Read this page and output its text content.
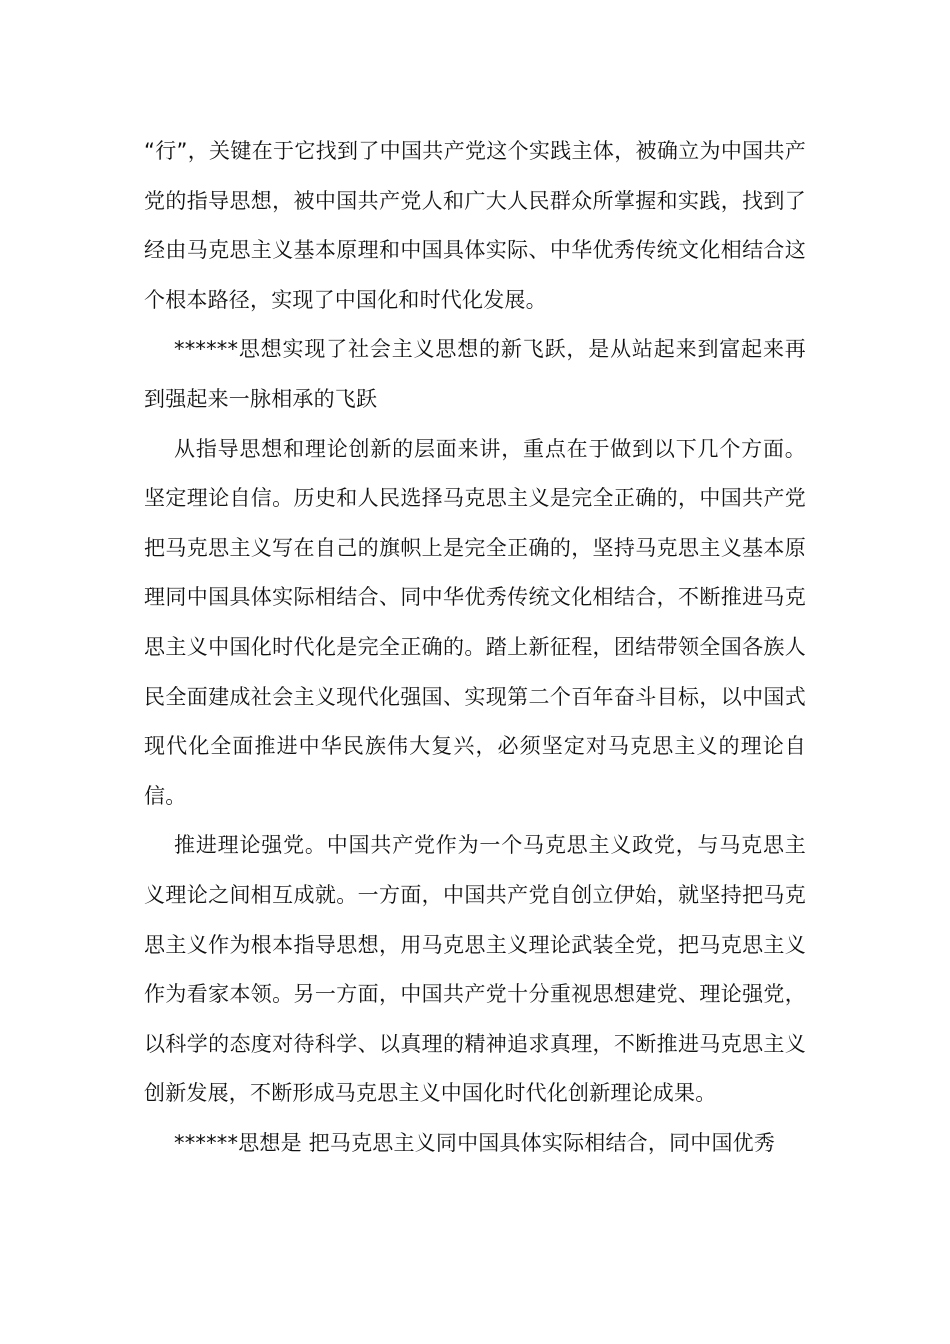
“行”，关键在于它找到了中国共产党这个实践主体，被确立为中国共产党的指导思想，被中国共产党人和广大人民群众所掌握和实践，找到了经由马克思主义基本原理和中国具体实际、中华优秀传统文化相结合这个根本路径，实现了中国化和时代化发展。

******思想实现了社会主义思想的新飞跃，是从站起来到富起来再到强起来一脉相承的飞跃

从指导思想和理论创新的层面来讲，重点在于做到以下几个方面。坚定理论自信。历史和人民选择马克思主义是完全正确的，中国共产党把马克思主义写在自己的旗帜上是完全正确的，坚持马克思主义基本原理同中国具体实际相结合、同中华优秀传统文化相结合，不断推进马克思主义中国化时代化是完全正确的。踏上新征程，团结带领全国各族人民全面建成社会主义现代化强国、实现第二个百年奋斗目标，以中国式现代化全面推进中华民族伟大复兴，必须坚定对马克思主义的理论自信。

推进理论强党。中国共产党作为一个马克思主义政党，与马克思主义理论之间相互成就。一方面，中国共产党自创立伊始，就坚持把马克思主义作为根本指导思想，用马克思主义理论武装全党，把马克思主义作为看家本领。另一方面，中国共产党十分重视思想建党、理论强党，以科学的态度对待科学、以真理的精神追求真理，不断推进马克思主义创新发展，不断形成马克思主义中国化时代化创新理论成果。

******思想是 把马克思主义同中国具体实际相结合，同中国优秀
